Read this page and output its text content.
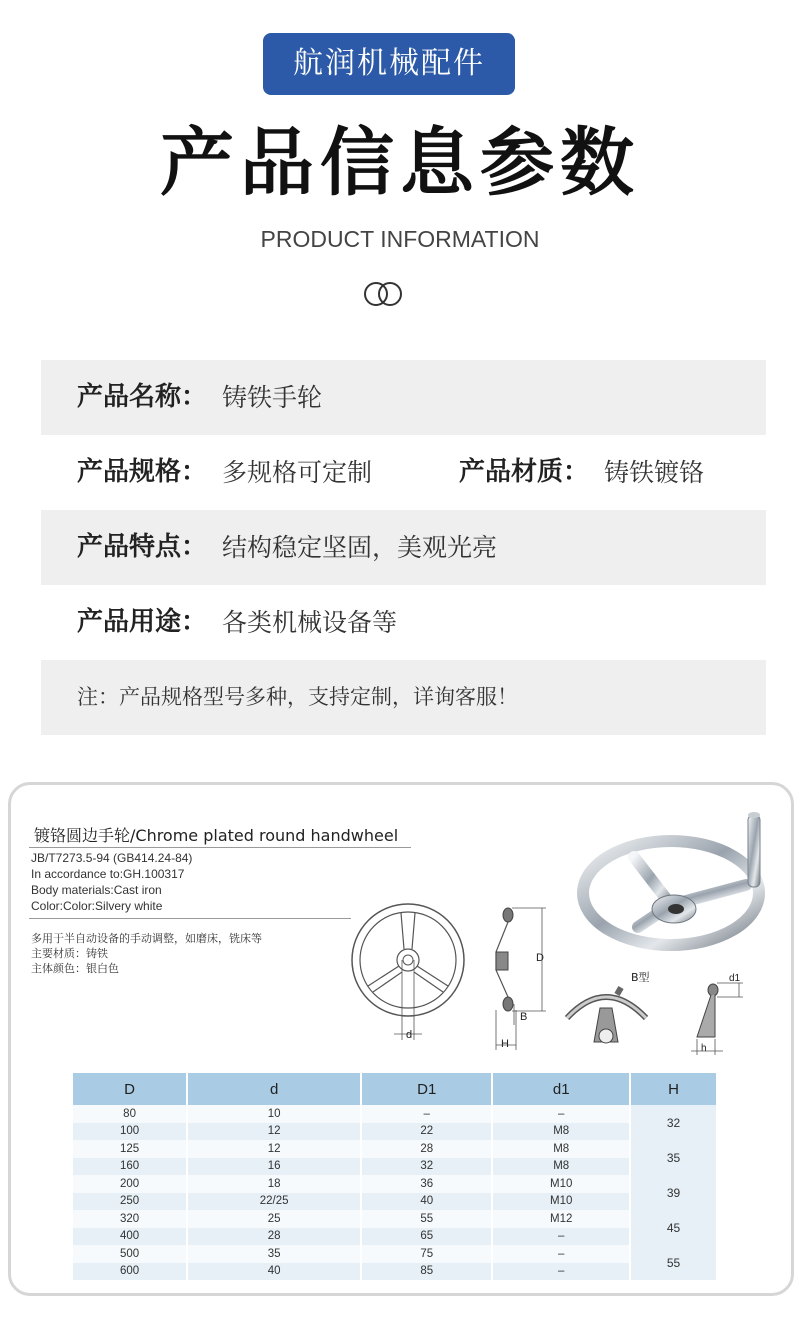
航润机械配件
产品信息参数
PRODUCT INFORMATION
产品名称： 铸铁手轮
产品规格： 多规格可定制	产品材质： 铸铁镀铬
产品特点： 结构稳定坚固，美观光亮
产品用途： 各类机械设备等
注：产品规格型号多种，支持定制，详询客服！
镀铬圆边手轮/Chrome plated round handwheel
JB/T7273.5-94 (GB414.24-84)
In accordance to:GH.100317
Body materials:Cast iron
Color:Color:Silvery white
多用于半自动设备的手动调整，如磨床，铣床等
主要材质：铸铁
主体颜色：银白色
d
D
B
H
B型	d1
h
D	d	D1	d1	H
80	10	–	–	32
100	12	22	M8	
125	12	28	M8	35
160	16	32	M8	
200	18	36	M10	39
250	22/25	40	M10	
320	25	55	M12	45
400	28	65	–	
500	35	75	–	55
600	40	85	–	
